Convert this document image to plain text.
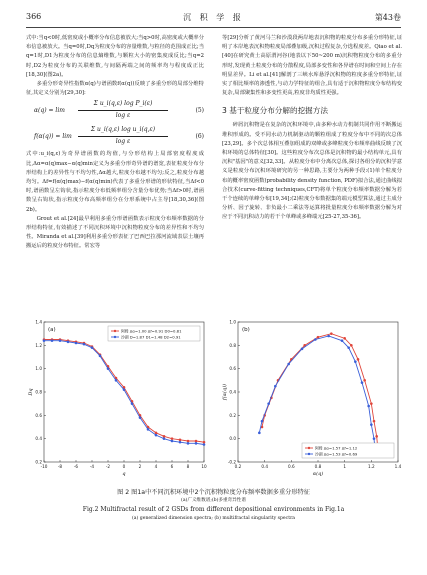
366	沉 积 学 报	第43卷

式中:当q<0时,低密度或小概率分布信息被放大;当q>0时,高密度或大概率分布信息被放大。当q=0时,Dq为粒度分布的容量维数,与粒径的范围成正比;当q=1时,D1为粒度分布的信息熵维数,与颗粒大小的密集度成反比;当q=2时,D2为粒度分布的关联维数,与间隔两端之间的频率均与程度成正比[18,30](图2a)。

多重分形奇异性指数α(q)与谱函数f(α(q))反映了多重分形的局部分维特征,其定义分别为[29,30]:

$\alpha(q) = \lim \frac{\text{Σ u\_i(q,ε) log P\_i(ε)}}{\text{log ε}}$	(5)
$f(\alpha(q)) = \lim \frac{\text{Σ u\_i(q,ε) log u\_i(q,ε)}}{\text{log ε}}$	(6)

式中:u_i(q,ε)为奇异谱函数的均值,与分形结构上局部密度程度成比,Δα=α(q)max−α(q)min定义为多重分形奇异谱的谱宽,表征粒度分布分形结构上的差异性与不均匀性,Δα越大,粒度分布越不均匀;反之,粒度分布越均匀。Δf=f(α(q)max)−f(α(q)min)代表了多重分形谱的形状特征,当Δf<0时,谱函数呈左钩状,指示粒度分布低频率组分含量分布优势;当Δf>0时,谱函数呈右钩状,指示粒度分布高频率组分在分形系统中占主导[18,30,36](图2b)。

Grout et al.[24]最早利用多重分形谱函数表示粒度分布频率数据的分形结构特征,有效描述了不同沉积环境中沉积物粒度分布的差异性和不均匀性。Miranda et al.[39]利用多重分形表征了巴西巴拉那河流域表层土壤再搬运后的粒度分布特征。常宏等

等[29]分析了黄河马兰和沙漠段两岸地表沉积物的粒度分布多重分形特征,证明了本岸地表沉积物粒度局部叠加级,沉积过程复杂,分选程度差。Qiao et al.[40]在研究黄土高原渭河谷(地表以下50~200 m)沉积物粒度分布的多重分形时,发现黄土粒度分布的分散程度,局部多变性和各异谱在时间和空间上存在明显差异。Li et al.[41]解剖了三峡水库悬浮沉积物的粒度多重分形特征,证实了相比频率的渗透性,与动力学特征的组合,具有适于沉积物粒度分布结构变复杂,局部聚集性和多变性更高,粒度非均质性更强。

3 基于粒度分布分解的挖掘方法

碎屑沉积物是在复杂的沉积环境中,由多种水动力机制共同作用不断搬运堆积形成的。受不同水动力机制驱动的颗粒组成了粒度分布中不同的次总体[23,29]。多个次总体相互叠加组成的双峰或多峰粒度分布频率曲线反映了沉积环境的总体特征[30]。这些粒度分布次总体是沉积物的最小结构单元,具有沉积"基因"的意义[32,33]。从粒度分布中分离次总体,探讨各组分的沉积学意义是粒度分布沉积环境研究的另一种思路,主要分为两种手段:(1)单个粒度分布的概率密度函数(probability density function, PDF)拟合法,通过曲线拟合技术(curve-fitting techniques,CFT)将单个粒度分布频率数据分解为若干个连续的单峰分布[19,34];(2)粒度分布数据集的端元模型算法,通过主成分分析、因子旋转、非负最小二乘法等运算将批量粒度分布频率数据分解为对应于不同沉积动力的若干个单峰或多峰端元[25-27,35-36]。

-10 -8	-6	-4	-2	0	2	4	6	8	10
0.2
0.4
0.6
0.8
1.0
1.2
1.4
q
Dq
(a)	阿姆 Δα=1.00 Δf=0.91 D0=0.81
沙湖 D=1.87 D1=1.48 D2=0.91
0.2	0.4	0.6	0.8	1	1.2	1.4
-0.2
0.0
0.2
0.4
0.6
0.8
1.0
α(q)
f(α(q))
(b)
阿姆 Δα=1.57 Δf=1.12
沙湖 Δα=1.53 Δf=0.69
图 2 图1a中不同沉积环境中2个沉积物粒度分布频率数据多重分形特征
(a)广义维数谱;(b)多重奇异性谱
Fig.2 Multifractal result of 2 GSDs from different depositional environments in Fig.1a
(a) generalized dimension spectra; (b) multifractal singularity spectra
